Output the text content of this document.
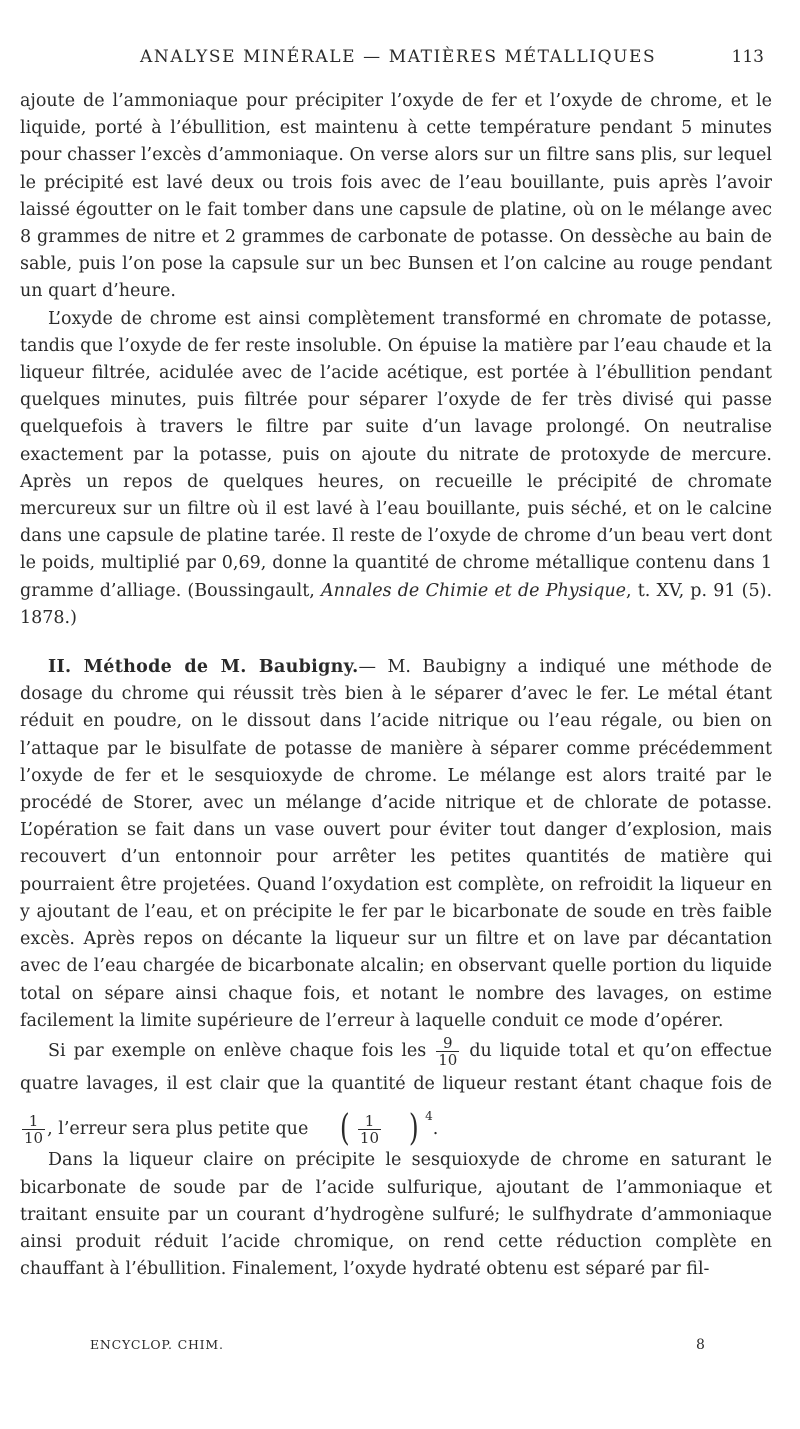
ANALYSE MINÉRALE — MATIÈRES MÉTALLIQUES	113

ajoute de l’ammoniaque pour précipiter l’oxyde de fer et l’oxyde de chrome, et le liquide, porté à l’ébullition, est maintenu à cette température pendant 5 minutes pour chasser l’excès d’ammoniaque. On verse alors sur un filtre sans plis, sur lequel le précipité est lavé deux ou trois fois avec de l’eau bouillante, puis après l’avoir laissé égoutter on le fait tomber dans une capsule de platine, où on le mélange avec 8 grammes de nitre et 2 grammes de carbonate de potasse. On dessèche au bain de sable, puis l’on pose la capsule sur un bec Bunsen et l’on calcine au rouge pendant un quart d’heure.

L’oxyde de chrome est ainsi complètement transformé en chromate de potasse, tandis que l’oxyde de fer reste insoluble. On épuise la matière par l’eau chaude et la liqueur filtrée, acidulée avec de l’acide acétique, est portée à l’ébullition pendant quelques minutes, puis filtrée pour séparer l’oxyde de fer très divisé qui passe quelquefois à travers le filtre par suite d’un lavage prolongé. On neutralise exactement par la potasse, puis on ajoute du nitrate de protoxyde de mercure. Après un repos de quelques heures, on recueille le précipité de chromate mercureux sur un filtre où il est lavé à l’eau bouillante, puis séché, et on le calcine dans une capsule de platine tarée. Il reste de l’oxyde de chrome d’un beau vert dont le poids, multiplié par 0,69, donne la quantité de chrome métallique contenu dans 1 gramme d’alliage. (Boussingault, Annales de Chimie et de Physique, t. XV, p. 91 (5). 1878.)

II. Méthode de M. Baubigny.— M. Baubigny a indiqué une méthode de dosage du chrome qui réussit très bien à le séparer d’avec le fer. Le métal étant réduit en poudre, on le dissout dans l’acide nitrique ou l’eau régale, ou bien on l’attaque par le bisulfate de potasse de manière à séparer comme précédemment l’oxyde de fer et le sesquioxyde de chrome. Le mélange est alors traité par le procédé de Storer, avec un mélange d’acide nitrique et de chlorate de potasse. L’opération se fait dans un vase ouvert pour éviter tout danger d’explosion, mais recouvert d’un entonnoir pour arrêter les petites quantités de matière qui pourraient être projetées. Quand l’oxydation est complète, on refroidit la liqueur en y ajoutant de l’eau, et on précipite le fer par le bicarbonate de soude en très faible excès. Après repos on décante la liqueur sur un filtre et on lave par décantation avec de l’eau chargée de bicarbonate alcalin; en observant quelle portion du liquide total on sépare ainsi chaque fois, et notant le nombre des lavages, on estime facilement la limite supérieure de l’erreur à laquelle conduit ce mode d’opérer.

Si par exemple on enlève chaque fois les $\frac{9}{10}$ du liquide total et qu’on effectue quatre lavages, il est clair que la quantité de liqueur restant étant chaque fois de
$\frac{1}{10}$ , l’erreur sera plus petite que ( $\frac{1}{10}$ ) $^4$.

Dans la liqueur claire on précipite le sesquioxyde de chrome en saturant le bicarbonate de soude par de l’acide sulfurique, ajoutant de l’ammoniaque et traitant ensuite par un courant d’hydrogène sulfuré; le sulfhydrate d’ammoniaque ainsi produit réduit l’acide chromique, on rend cette réduction complète en chauffant à l’ébullition. Finalement, l’oxyde hydraté obtenu est séparé par fil-

ENCYCLOP. CHIM.	8
